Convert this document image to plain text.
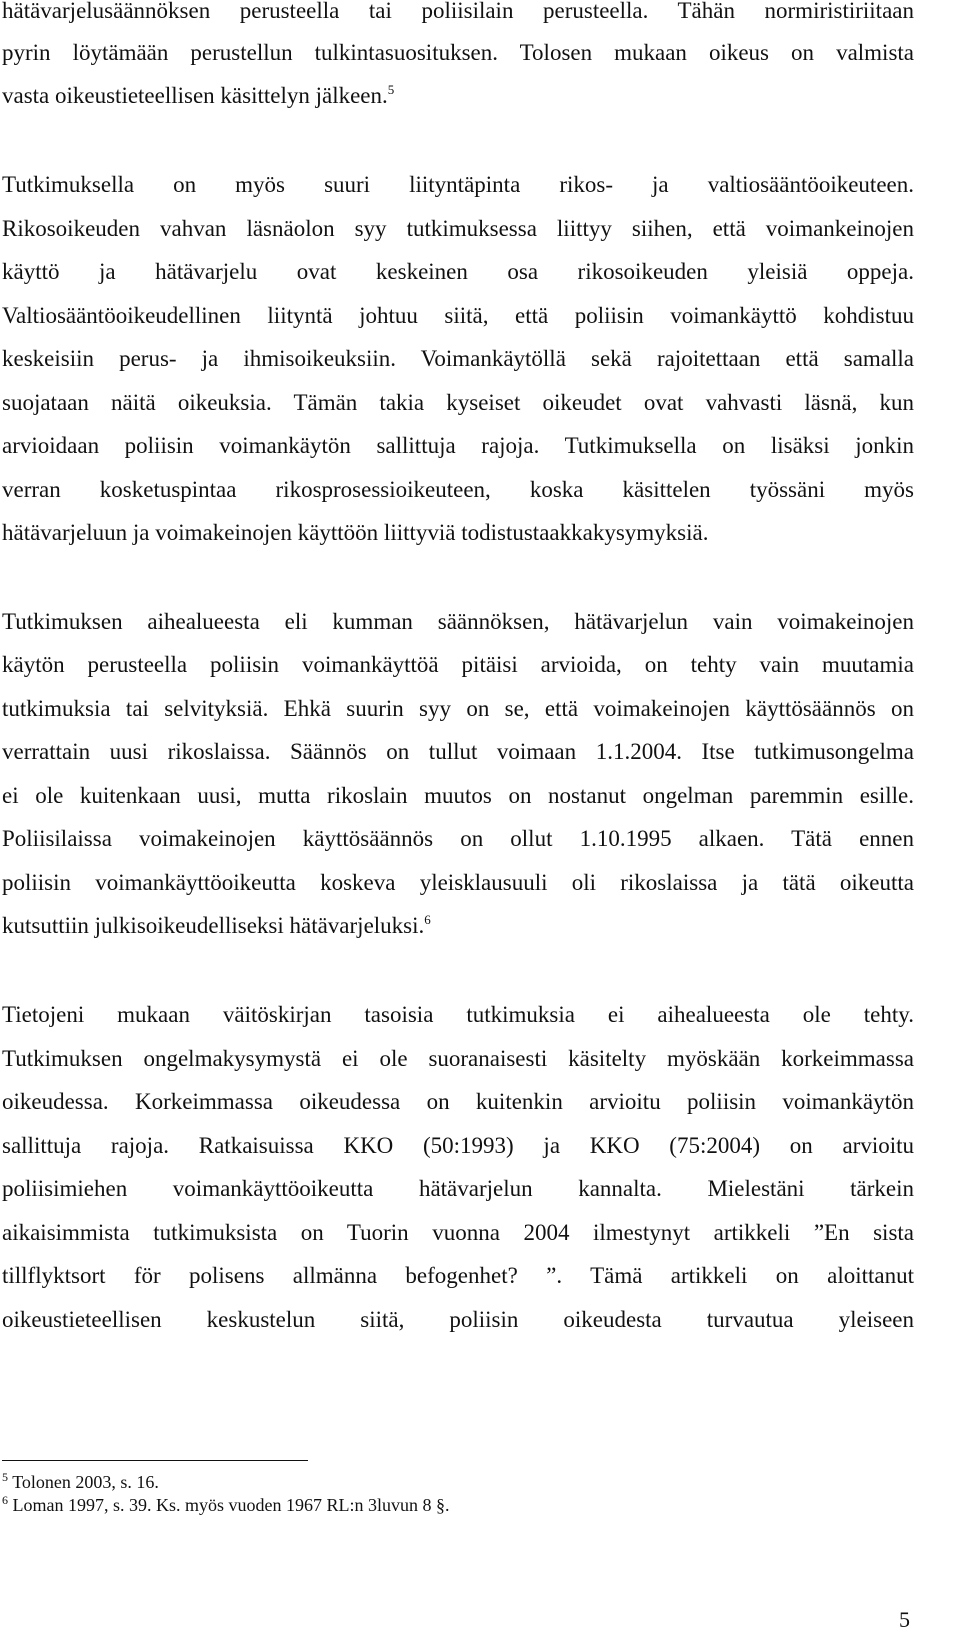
hätävarjelusäännöksen perusteella tai poliisilain perusteella. Tähän normiristiriitaan
pyrin löytämään perustellun tulkintasuosituksen. Tolosen mukaan oikeus on valmista
vasta oikeustieteellisen käsittelyn jälkeen.$^5$
Tutkimuksella on myös suuri liityntäpinta rikos- ja valtiosääntöoikeuteen.
Rikosoikeuden vahvan läsnäolon syy tutkimuksessa liittyy siihen, että voimankeinojen
käyttö ja hätävarjelu ovat keskeinen osa rikosoikeuden yleisiä oppeja.
Valtiosääntöoikeudellinen liityntä johtuu siitä, että poliisin voimankäyttö kohdistuu
keskeisiin perus- ja ihmisoikeuksiin. Voimankäytöllä sekä rajoitettaan että samalla
suojataan näitä oikeuksia. Tämän takia kyseiset oikeudet ovat vahvasti läsnä, kun
arvioidaan poliisin voimankäytön sallittuja rajoja. Tutkimuksella on lisäksi jonkin
verran kosketuspintaa rikosprosessioikeuteen, koska käsittelen työssäni myös
hätävarjeluun ja voimakeinojen käyttöön liittyviä todistustaakkakysymyksiä.
Tutkimuksen aihealueesta eli kumman säännöksen, hätävarjelun vain voimakeinojen
käytön perusteella poliisin voimankäyttöä pitäisi arvioida, on tehty vain muutamia
tutkimuksia tai selvityksiä. Ehkä suurin syy on se, että voimakeinojen käyttösäännös on
verrattain uusi rikoslaissa. Säännös on tullut voimaan 1.1.2004. Itse tutkimusongelma
ei ole kuitenkaan uusi, mutta rikoslain muutos on nostanut ongelman paremmin esille.
Poliisilaissa voimakeinojen käyttösäännös on ollut 1.10.1995 alkaen. Tätä ennen
poliisin voimankäyttöoikeutta koskeva yleisklausuuli oli rikoslaissa ja tätä oikeutta
kutsuttiin julkisoikeudelliseksi hätävarjeluksi.$^6$
Tietojeni mukaan väitöskirjan tasoisia tutkimuksia ei aihealueesta ole tehty.
Tutkimuksen ongelmakysymystä ei ole suoranaisesti käsitelty myöskään korkeimmassa
oikeudessa. Korkeimmassa oikeudessa on kuitenkin arvioitu poliisin voimankäytön
sallittuja rajoja. Ratkaisuissa KKO (50:1993) ja KKO (75:2004) on arvioitu
poliisimiehen voimankäyttöoikeutta hätävarjelun kannalta. Mielestäni tärkein
aikaisimmista tutkimuksista on Tuorin vuonna 2004 ilmestynyt artikkeli ”En sista
tillflyktsort för polisens allmänna befogenhet? ”. Tämä artikkeli on aloittanut
oikeustieteellisen keskustelun siitä, poliisin oikeudesta turvautua yleiseen
$^5$ Tolonen 2003, s. 16.
$^6$ Loman 1997, s. 39. Ks. myös vuoden 1967 RL:n 3luvun 8 §.
5
